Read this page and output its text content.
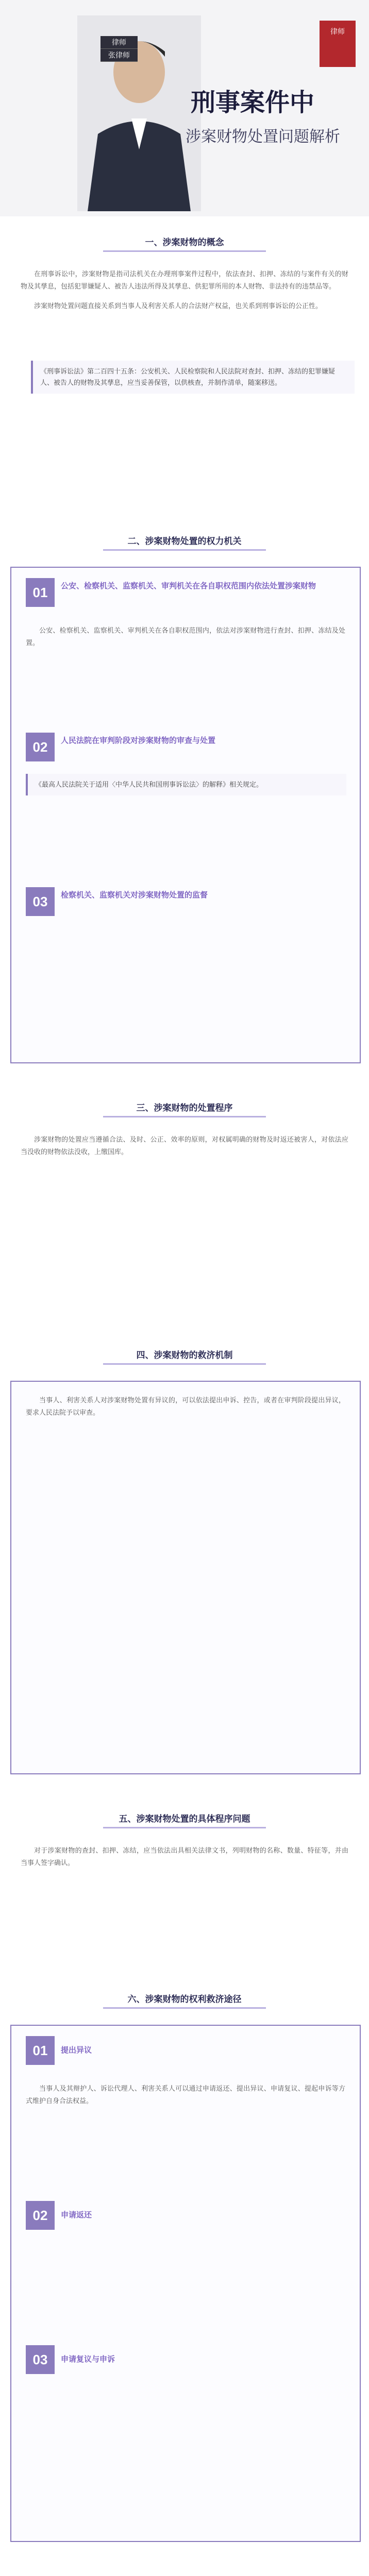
律师
张律师
刑事案件中
涉案财物处置问题解析
律师
一、涉案财物的概念

在刑事诉讼中，涉案财物是指司法机关在办理刑事案件过程中，依法查封、扣押、冻结的与案件有关的财物及其孳息，包括犯罪嫌疑人、被告人违法所得及其孳息、供犯罪所用的本人财物、非法持有的违禁品等。

涉案财物处置问题直接关系到当事人及利害关系人的合法财产权益，也关系到刑事诉讼的公正性。

《刑事诉讼法》第二百四十五条：公安机关、人民检察院和人民法院对查封、扣押、冻结的犯罪嫌疑人、被告人的财物及其孳息，应当妥善保管，以供核查，并制作清单，随案移送。
二、涉案财物处置的权力机关
01	公安、检察机关、监察机关、审判机关在各自职权范围内依法处置涉案财物

公安、检察机关、监察机关、审判机关在各自职权范围内，依法对涉案财物进行查封、扣押、冻结及处置。

02	人民法院在审判阶段对涉案财物的审查与处置
《最高人民法院关于适用〈中华人民共和国刑事诉讼法〉的解释》相关规定。
03	检察机关、监察机关对涉案财物处置的监督
三、涉案财物的处置程序

涉案财物的处置应当遵循合法、及时、公正、效率的原则，对权属明确的财物及时返还被害人，对依法应当没收的财物依法没收，上缴国库。

四、涉案财物的救济机制

当事人、利害关系人对涉案财物处置有异议的，可以依法提出申诉、控告，或者在审判阶段提出异议，要求人民法院予以审查。

五、涉案财物处置的具体程序问题

对于涉案财物的查封、扣押、冻结，应当依法出具相关法律文书，列明财物的名称、数量、特征等，并由当事人签字确认。

六、涉案财物的权利救济途径
01	提出异议

当事人及其辩护人、诉讼代理人、利害关系人可以通过申请返还、提出异议、申请复议、提起申诉等方式维护自身合法权益。

02	申请返还
03	申请复议与申诉
